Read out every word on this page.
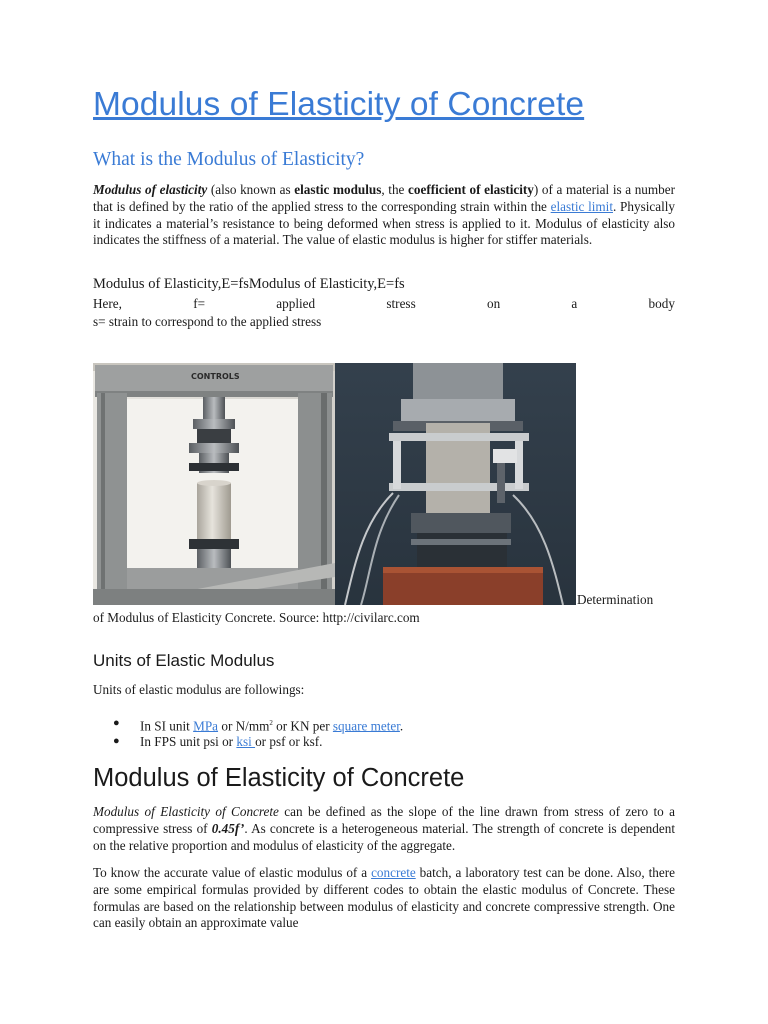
Modulus of Elasticity of Concrete
What is the Modulus of Elasticity?
Modulus of elasticity (also known as elastic modulus, the coefficient of elasticity) of a material is a number that is defined by the ratio of the applied stress to the corresponding strain within the elastic limit. Physically it indicates a material’s resistance to being deformed when stress is applied to it. Modulus of elasticity also indicates the stiffness of a material. The value of elastic modulus is higher for stiffer materials.
Modulus of Elasticity,E=fsModulus of Elasticity,E=fs
Here,	f=	applied	stress	on	a	body
s= strain to correspond to the applied stress
CONTROLS
Determination
of Modulus of Elasticity Concrete. Source: http://civilarc.com
Units of Elastic Modulus
Units of elastic modulus are followings:
● In SI unit MPa or $N/mm^2$ or KN per square meter.
● In FPS unit psi or ksi or psf or ksf.
Modulus of Elasticity of Concrete
Modulus of Elasticity of Concrete can be defined as the slope of the line drawn from stress of zero to a compressive stress of 0.45f’. As concrete is a heterogeneous material. The strength of concrete is dependent on the relative proportion and modulus of elasticity of the aggregate.
To know the accurate value of elastic modulus of a concrete batch, a laboratory test can be done. Also, there are some empirical formulas provided by different codes to obtain the elastic modulus of Concrete. These formulas are based on the relationship between modulus of elasticity and concrete compressive strength. One can easily obtain an approximate value
